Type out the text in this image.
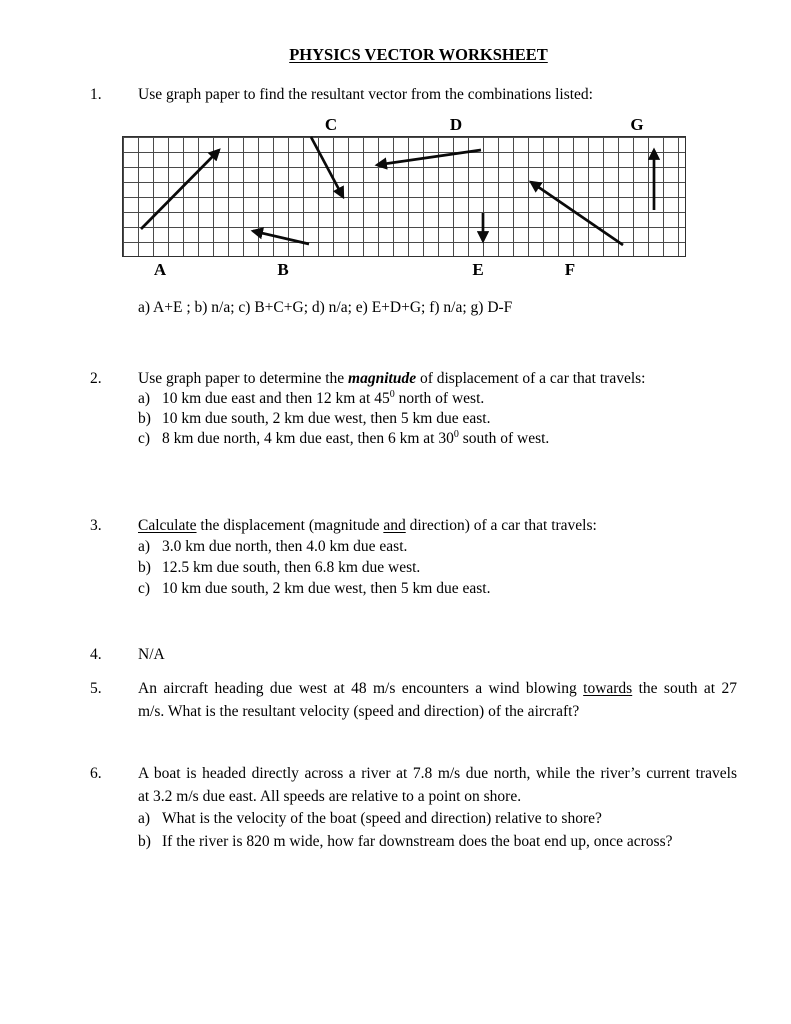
PHYSICS VECTOR WORKSHEET
1. Use graph paper to find the resultant vector from the combinations listed:
C	D	G
A	B	E	F
a) A+E ; b) n/a; c) B+C+G; d) n/a; e) E+D+G; f) n/a; g) D-F
2. Use graph paper to determine the magnitude of displacement of a car that travels:
a) 10 km due east and then 12 km at $45^0$ north of west.
b) 10 km due south, 2 km due west, then 5 km due east.
c) 8 km due north, 4 km due east, then 6 km at $30^0$ south of west.
3. Calculate the displacement (magnitude and direction) of a car that travels:
a) 3.0 km due north, then 4.0 km due east.
b) 12.5 km due south, then 6.8 km due west.
c) 10 km due south, 2 km due west, then 5 km due east.
4. N/A
5. An aircraft heading due west at 48 m/s encounters a wind blowing towards the south at 27
m/s. What is the resultant velocity (speed and direction) of the aircraft?
6. A boat is headed directly across a river at 7.8 m/s due north, while the river’s current travels
at 3.2 m/s due east. All speeds are relative to a point on shore.
a) What is the velocity of the boat (speed and direction) relative to shore?
b) If the river is 820 m wide, how far downstream does the boat end up, once across?
